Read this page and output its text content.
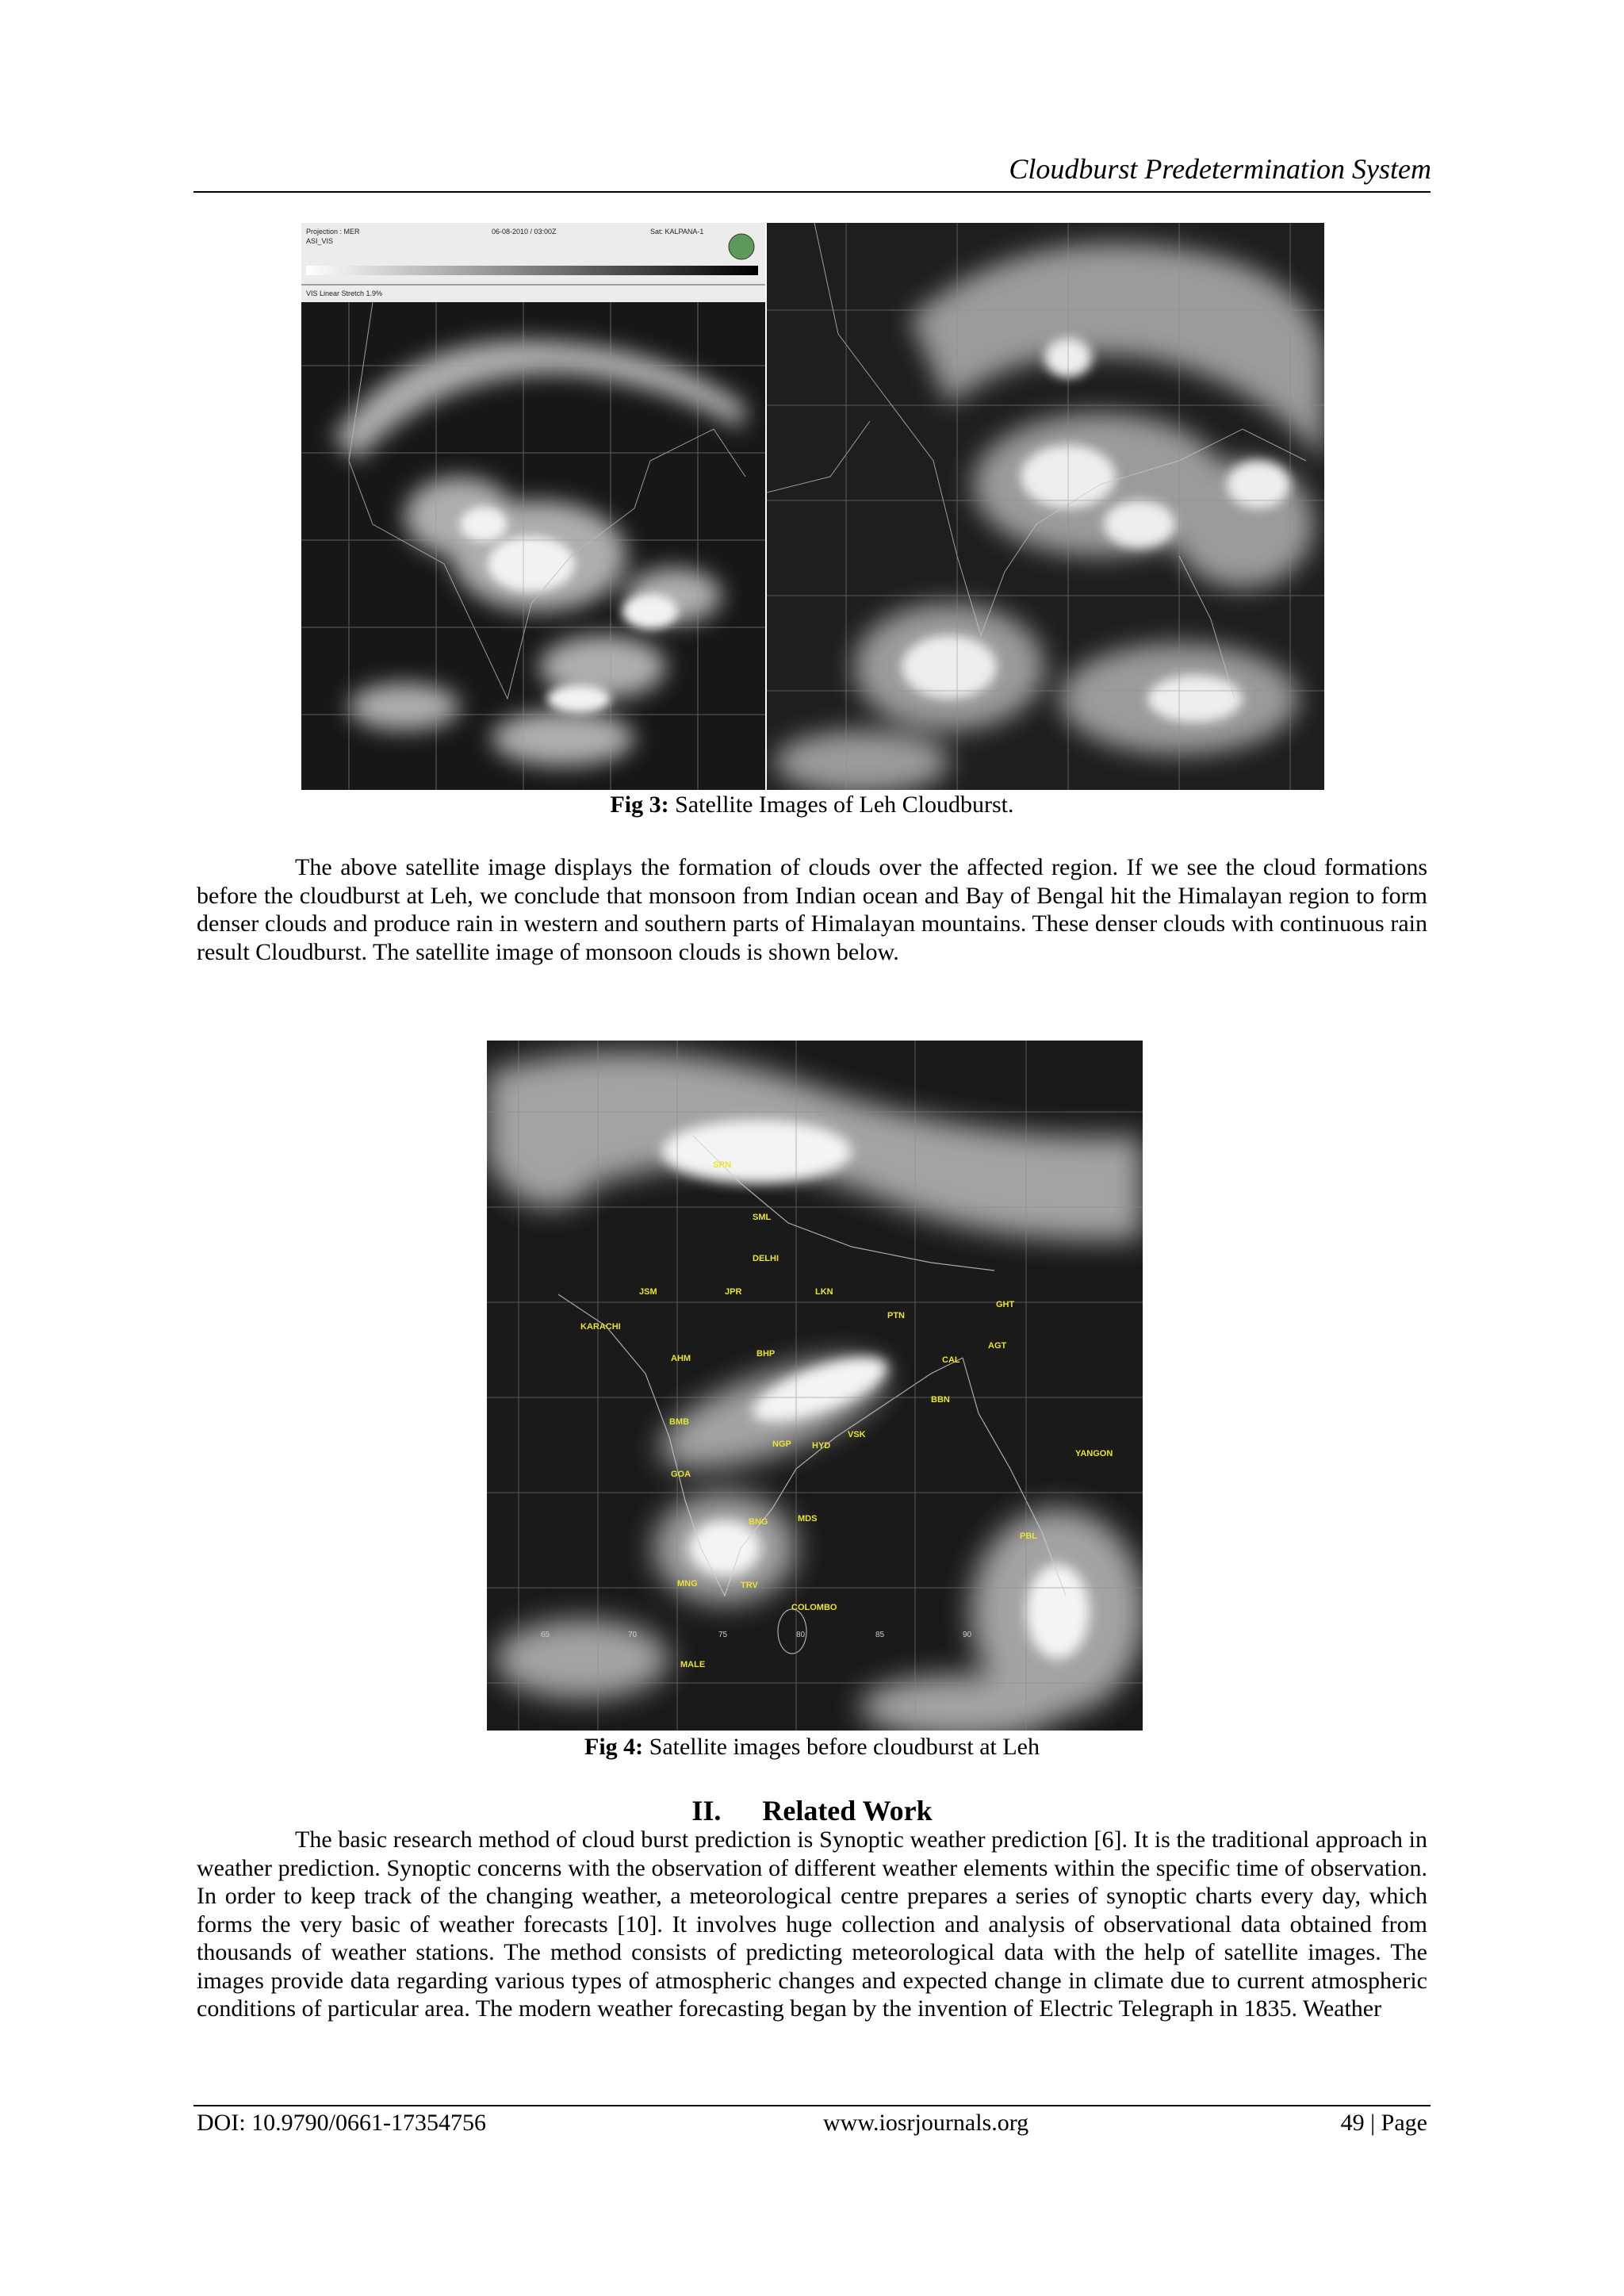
Cloudburst Predetermination System
Projection : MER
ASI_VIS
06-08-2010 / 03:00Z	Sat: KALPANA-1
VIS Linear Stretch 1.9%
Fig 3: Satellite Images of Leh Cloudburst.

The above satellite image displays the formation of clouds over the affected region. If we see the cloud formations before the cloudburst at Leh, we conclude that monsoon from Indian ocean and Bay of Bengal hit the Himalayan region to form denser clouds and produce rain in western and southern parts of Himalayan mountains. These denser clouds with continuous rain result Cloudburst. The satellite image of monsoon clouds is shown below.

SRN
SML
DELHI
JSM	JPR	LKN
PTN
GHT
KARACHI
AHM	BHP
AGT
CAL
BMB
NGP
BBN
GOA
HYD
VSK
YANGON
BNG	MDS
PBL
MNG	TRV
COLOMBO
MALE
65	70	75	80	85	90
Fig 4: Satellite images before cloudburst at Leh
II. Related Work

The basic research method of cloud burst prediction is Synoptic weather prediction [6]. It is the traditional approach in weather prediction. Synoptic concerns with the observation of different weather elements within the specific time of observation. In order to keep track of the changing weather, a meteorological centre prepares a series of synoptic charts every day, which forms the very basic of weather forecasts [10]. It involves huge collection and analysis of observational data obtained from thousands of weather stations. The method consists of predicting meteorological data with the help of satellite images. The images provide data regarding various types of atmospheric changes and expected change in climate due to current atmospheric conditions of particular area. The modern weather forecasting began by the invention of Electric Telegraph in 1835. Weather

DOI: 10.9790/0661-17354756	www.iosrjournals.org	49 | Page
